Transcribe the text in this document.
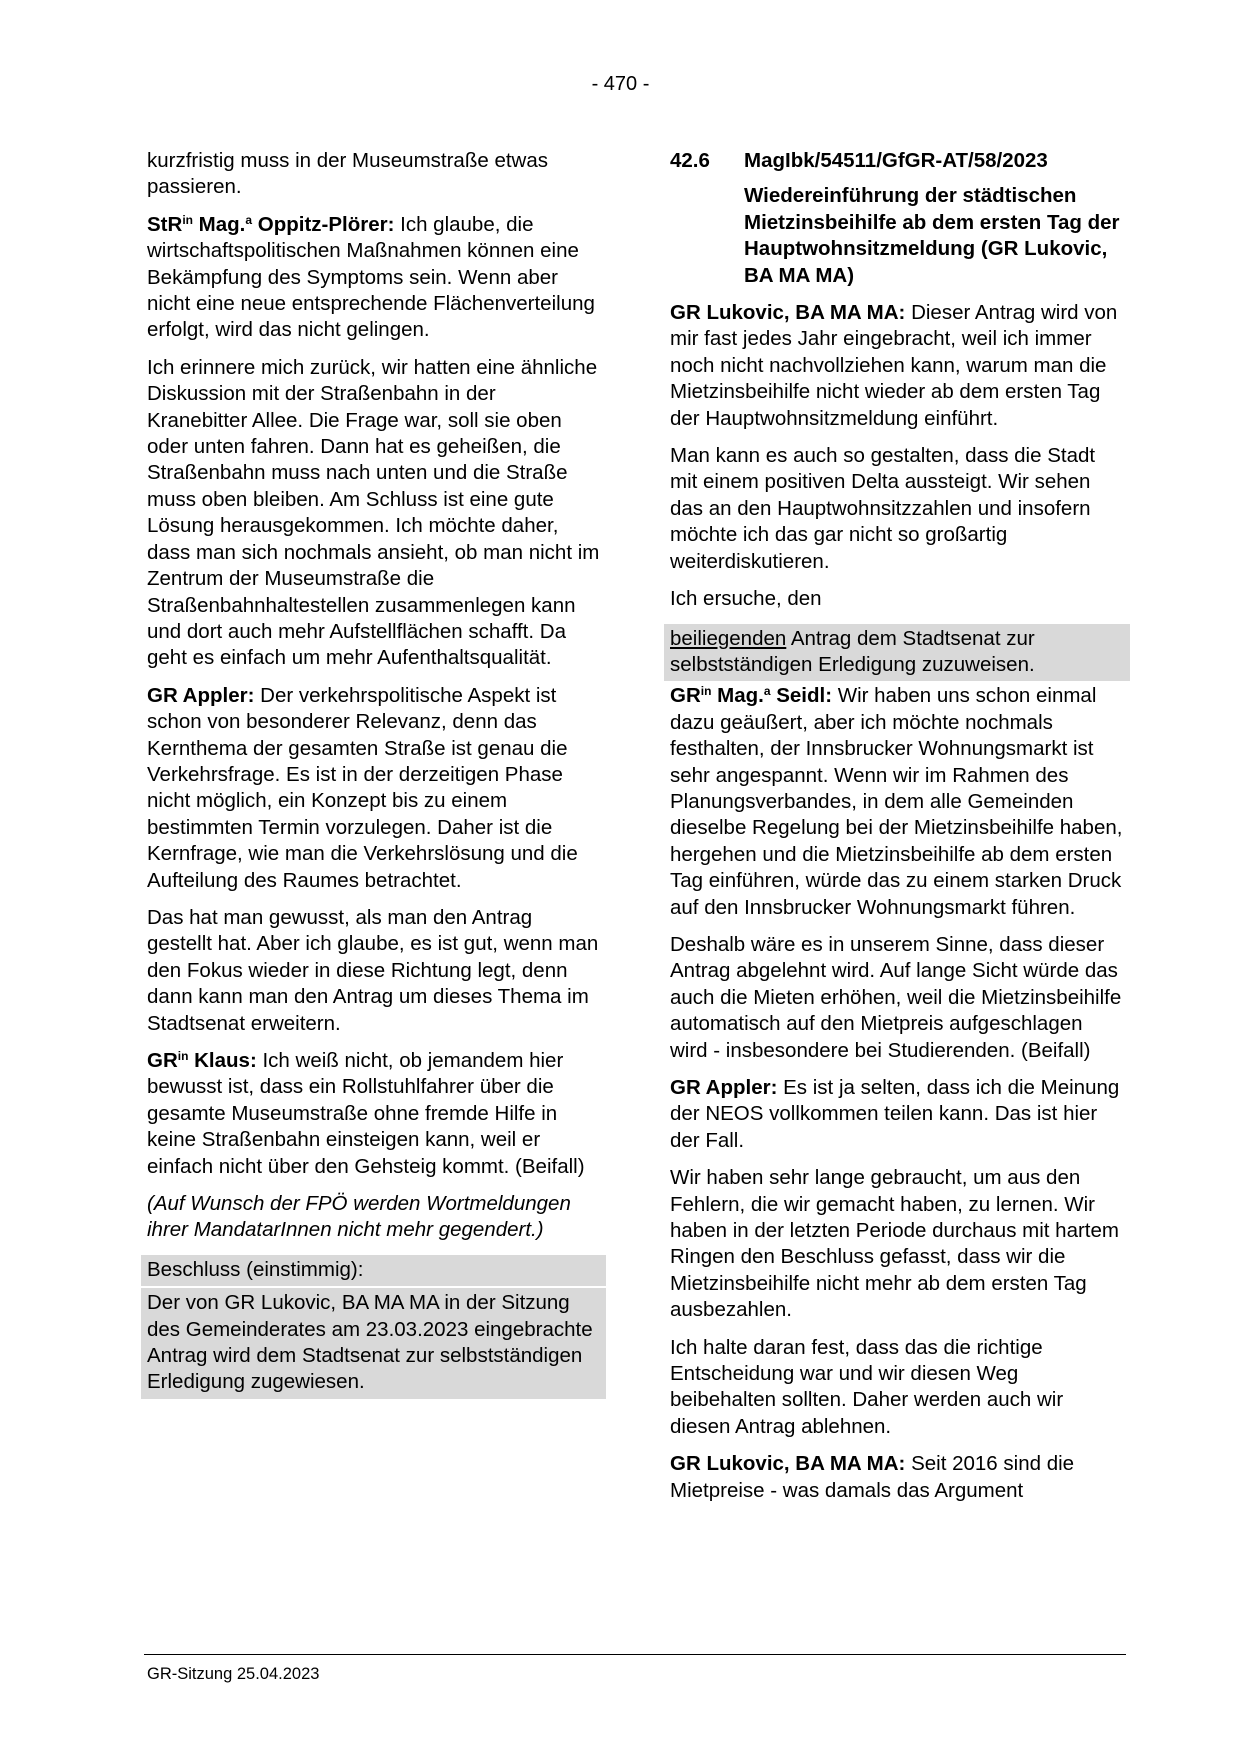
- 470 -

kurzfristig muss in der Museumstraße etwas passieren.

StR$^{in}$ Mag.$^a$ Oppitz-Plörer: Ich glaube, die wirtschaftspolitischen Maßnahmen können eine Bekämpfung des Symptoms sein. Wenn aber nicht eine neue entsprechende Flächenverteilung erfolgt, wird das nicht gelingen.

Ich erinnere mich zurück, wir hatten eine ähnliche Diskussion mit der Straßenbahn in der Kranebitter Allee. Die Frage war, soll sie oben oder unten fahren. Dann hat es geheißen, die Straßenbahn muss nach unten und die Straße muss oben bleiben. Am Schluss ist eine gute Lösung herausgekommen. Ich möchte daher, dass man sich nochmals ansieht, ob man nicht im Zentrum der Museumstraße die Straßenbahnhaltestellen zusammenlegen kann und dort auch mehr Aufstellflächen schafft. Da geht es einfach um mehr Aufenthaltsqualität.

GR Appler: Der verkehrspolitische Aspekt ist schon von besonderer Relevanz, denn das Kernthema der gesamten Straße ist genau die Verkehrsfrage. Es ist in der derzeitigen Phase nicht möglich, ein Konzept bis zu einem bestimmten Termin vorzulegen. Daher ist die Kernfrage, wie man die Verkehrslösung und die Aufteilung des Raumes betrachtet.

Das hat man gewusst, als man den Antrag gestellt hat. Aber ich glaube, es ist gut, wenn man den Fokus wieder in diese Richtung legt, denn dann kann man den Antrag um dieses Thema im Stadtsenat erweitern.

$GR^{in}$ Klaus: Ich weiß nicht, ob jemandem hier bewusst ist, dass ein Rollstuhlfahrer über die gesamte Museumstraße ohne fremde Hilfe in keine Straßenbahn einsteigen kann, weil er einfach nicht über den Gehsteig kommt. (Beifall)

(Auf Wunsch der FPÖ werden Wortmeldungen ihrer MandatarInnen nicht mehr gegendert.)

Beschluss (einstimmig):
Der von GR Lukovic, BA MA MA in der Sitzung des Gemeinderates am 23.03.2023 eingebrachte Antrag wird dem Stadtsenat zur selbstständigen Erledigung zugewiesen.
42.6	MagIbk/54511/GfGR-AT/58/2023
Wiedereinführung der städtischen Mietzinsbeihilfe ab dem ersten Tag der Hauptwohnsitzmeldung (GR Lukovic, BA MA MA)

GR Lukovic, BA MA MA: Dieser Antrag wird von mir fast jedes Jahr eingebracht, weil ich immer noch nicht nachvollziehen kann, warum man die Mietzinsbeihilfe nicht wieder ab dem ersten Tag der Hauptwohnsitzmeldung einführt.

Man kann es auch so gestalten, dass die Stadt mit einem positiven Delta aussteigt. Wir sehen das an den Hauptwohnsitzzahlen und insofern möchte ich das gar nicht so großartig weiterdiskutieren.

Ich ersuche, den

beiliegenden Antrag dem Stadtsenat zur selbstständigen Erledigung zuzuweisen.

$GR^{in}$ Mag.$^a$ Seidl: Wir haben uns schon einmal dazu geäußert, aber ich möchte nochmals festhalten, der Innsbrucker Wohnungsmarkt ist sehr angespannt. Wenn wir im Rahmen des Planungsverbandes, in dem alle Gemeinden dieselbe Regelung bei der Mietzinsbeihilfe haben, hergehen und die Mietzinsbeihilfe ab dem ersten Tag einführen, würde das zu einem starken Druck auf den Innsbrucker Wohnungsmarkt führen.

Deshalb wäre es in unserem Sinne, dass dieser Antrag abgelehnt wird. Auf lange Sicht würde das auch die Mieten erhöhen, weil die Mietzinsbeihilfe automatisch auf den Mietpreis aufgeschlagen wird - insbesondere bei Studierenden. (Beifall)

GR Appler: Es ist ja selten, dass ich die Meinung der NEOS vollkommen teilen kann. Das ist hier der Fall.

Wir haben sehr lange gebraucht, um aus den Fehlern, die wir gemacht haben, zu lernen. Wir haben in der letzten Periode durchaus mit hartem Ringen den Beschluss gefasst, dass wir die Mietzinsbeihilfe nicht mehr ab dem ersten Tag ausbezahlen.

Ich halte daran fest, dass das die richtige Entscheidung war und wir diesen Weg beibehalten sollten. Daher werden auch wir diesen Antrag ablehnen.

GR Lukovic, BA MA MA: Seit 2016 sind die Mietpreise - was damals das Argument

GR-Sitzung 25.04.2023
